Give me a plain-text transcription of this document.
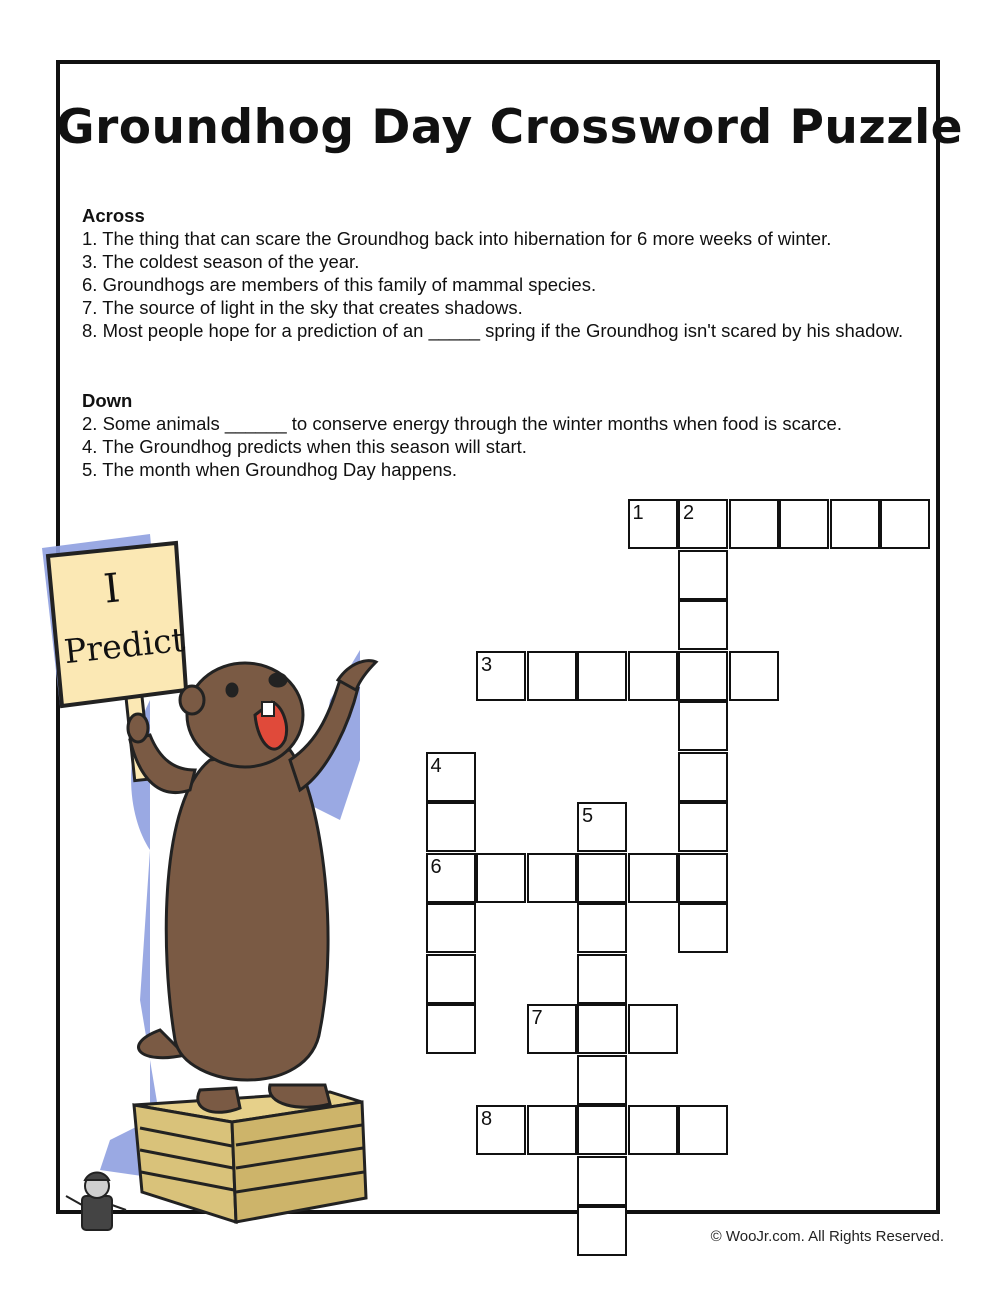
Groundhog Day Crossword Puzzle
Across
1. The thing that can scare the Groundhog back into hibernation for 6 more weeks of winter.
3. The coldest season of the year.
6. Groundhogs are members of this family of mammal species.
7. The source of light in the sky that creates shadows.
8. Most people hope for a prediction of an _____ spring if the Groundhog isn't scared by his shadow.
Down
2. Some animals ______ to conserve energy through the winter months when food is scarce.
4. The Groundhog predicts when this season will start.
5. The month when Groundhog Day happens.
I
Predict
1 2
3
4
6
5
7
8
© WooJr.com. All Rights Reserved.
